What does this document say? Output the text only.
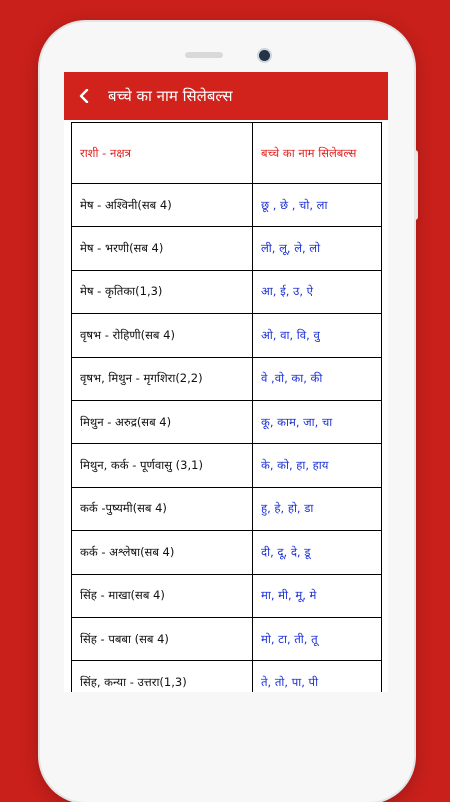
बच्चे का नाम सिलेबल्स
राशी - नक्षत्र	बच्चे का नाम सिलेबल्स
मेष - अश्विनी(सब 4)	छू , छे , चो, ला
मेष - भरणी(सब 4)	ली, लू, ले, लो
मेष - कृतिका(1,3)	आ, ई, उ, ऐ
वृषभ - रोहिणी(सब 4)	ओ, वा, वि, वु
वृषभ, मिथुन - मृगशिरा(2,2)	वे ,वो, का, की
मिथुन - अरुद्र(सब 4)	कू, काम, जा, चा
मिथुन, कर्क - पूर्णवासु (3,1)	के, को, हा, हाय
कर्क -पुष्यमी(सब 4)	हु, हे, हो, डा
कर्क - अश्लेषा(सब 4)	दी, दू, दे, डू
सिंह - माखा(सब 4)	मा, मी, मू, मे
सिंह - पबबा (सब 4)	मो, टा, ती, तू
सिंह, कन्या - उत्तरा(1,3)	ते, तो, पा, पी
